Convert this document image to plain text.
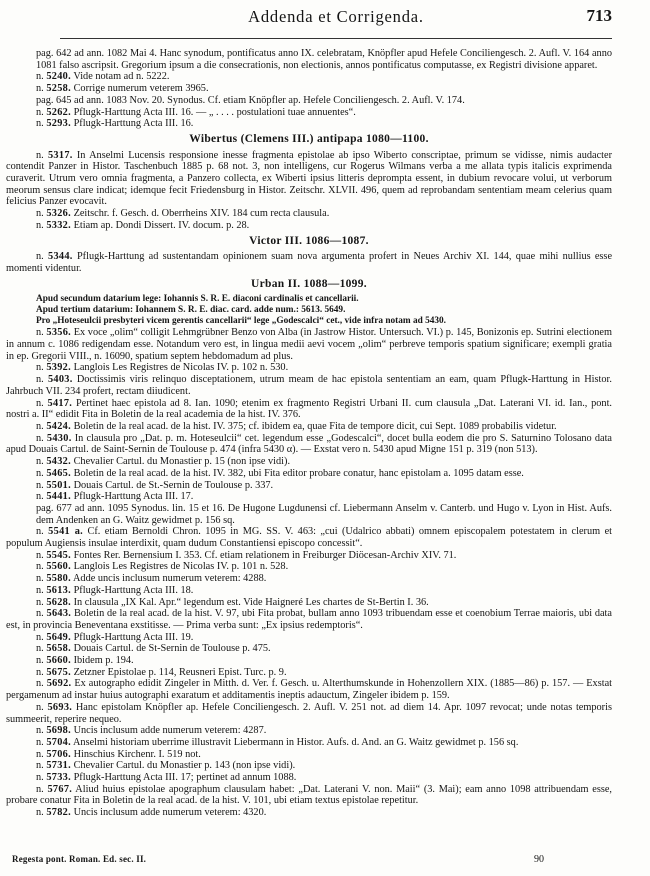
Addenda et Corrigenda.	713
pag. 642 ad ann. 1082 Mai 4. Hanc synodum, pontificatus anno IX. celebratam, Knöpfler apud Hefele Conciliengesch. 2. Aufl. V. 164 anno 1081 falso ascripsit. Gregorium ipsum a die consecrationis, non electionis, annos pontificatus computasse, ex Registri divisione apparet.
n. 5240. Vide notam ad n. 5222.
n. 5258. Corrige numerum veterem 3965.
pag. 645 ad ann. 1083 Nov. 20. Synodus. Cf. etiam Knöpfler ap. Hefele Conciliengesch. 2. Aufl. V. 174.
n. 5262. Pflugk-Harttung Acta III. 16. — „ . . . . postulationi tuae annuentes“.
n. 5293. Pflugk-Harttung Acta III. 16.
Wibertus (Clemens III.) antipapa 1080—1100.
n. 5317. In Anselmi Lucensis responsione inesse fragmenta epistolae ab ipso Wiberto conscriptae, primum se vidisse, nimis audacter contendit Panzer in Histor. Taschenbuch 1885 p. 68 not. 3, non intelligens, cur Rogerus Wilmans verba a me allata typis italicis exprimenda curaverit. Utrum vero omnia fragmenta, a Panzero collecta, ex Wiberti ipsius litteris deprompta essent, in dubium revocare volui, ut verborum meorum sensus clare indicat; idemque fecit Friedensburg in Histor. Zeitschr. XLVII. 496, quem ad reprobandam sententiam meam celerius quam felicius Panzer evocavit.
n. 5326. Zeitschr. f. Gesch. d. Oberrheins XIV. 184 cum recta clausula.
n. 5332. Etiam ap. Dondi Dissert. IV. docum. p. 28.
Victor III. 1086—1087.
n. 5344. Pflugk-Harttung ad sustentandam opinionem suam nova argumenta profert in Neues Archiv XI. 144, quae mihi nullius esse momenti videntur.
Urban II. 1088—1099.
Apud secundum datarium lege: Iohannis S. R. E. diaconi cardinalis et cancellarii.
Apud tertium datarium: Iohannem S. R. E. diac. card. adde num.: 5613. 5649.
Pro „Hoteseulcii presbyteri vicem gerentis cancellarii“ lege „Godescalci“ cet., vide infra notam ad 5430.
n. 5356. Ex voce „olim“ colligit Lehmgrübner Benzo von Alba (in Jastrow Histor. Untersuch. VI.) p. 145, Bonizonis ep. Sutrini electionem in annum c. 1086 redigendam esse. Notandum vero est, in lingua medii aevi vocem „olim“ perbreve temporis spatium significare; exempli gratia in ep. Gregorii VIII., n. 16090, spatium septem hebdomadum ad plus.
n. 5392. Langlois Les Registres de Nicolas IV. p. 102 n. 530.
n. 5403. Doctissimis viris relinquo disceptationem, utrum meam de hac epistola sententiam an eam, quam Pflugk-Harttung in Histor. Jahrbuch VII. 234 profert, rectam diiudicent.
n. 5417. Pertinet haec epistola ad 8. Ian. 1090; etenim ex fragmento Registri Urbani II. cum clausula „Dat. Laterani VI. id. Ian., pont. nostri a. II“ edidit Fita in Boletin de la real academia de la hist. IV. 376.
n. 5424. Boletin de la real acad. de la hist. IV. 375; cf. ibidem ea, quae Fita de tempore dicit, cui Sept. 1089 probabilis videtur.
n. 5430. In clausula pro „Dat. p. m. Hoteseulcii“ cet. legendum esse „Godescalci“, docet bulla eodem die pro S. Saturnino Tolosano data apud Douais Cartul. de Saint-Sernin de Toulouse p. 474 (infra 5430 α). — Exstat vero n. 5430 apud Migne 151 p. 319 (non 513).
n. 5432. Chevalier Cartul. du Monastier p. 15 (non ipse vidi).
n. 5465. Boletin de la real acad. de la hist. IV. 382, ubi Fita editor probare conatur, hanc epistolam a. 1095 datam esse.
n. 5501. Douais Cartul. de St.-Sernin de Toulouse p. 337.
n. 5441. Pflugk-Harttung Acta III. 17.
pag. 677 ad ann. 1095 Synodus. lin. 15 et 16. De Hugone Lugdunensi cf. Liebermann Anselm v. Canterb. und Hugo v. Lyon in Hist. Aufs. dem Andenken an G. Waitz gewidmet p. 156 sq.
n. 5541 a. Cf. etiam Bernoldi Chron. 1095 in MG. SS. V. 463: „cui (Udalrico abbati) omnem episcopalem potestatem in clerum et populum Augiensis insulae interdixit, quam dudum Constantiensi episcopo concessit“.
n. 5545. Fontes Rer. Bernensium I. 353. Cf. etiam relationem in Freiburger Diöcesan-Archiv XIV. 71.
n. 5560. Langlois Les Registres de Nicolas IV. p. 101 n. 528.
n. 5580. Adde uncis inclusum numerum veterem: 4288.
n. 5613. Pflugk-Harttung Acta III. 18.
n. 5628. In clausula „IX Kal. Apr.“ legendum est. Vide Haigneré Les chartes de St-Bertin I. 36.
n. 5643. Boletin de la real acad. de la hist. V. 97, ubi Fita probat, bullam anno 1093 tribuendam esse et coenobium Terrae maioris, ubi data est, in provincia Beneventana exstitisse. — Prima verba sunt: „Ex ipsius redemptoris“.
n. 5649. Pflugk-Harttung Acta III. 19.
n. 5658. Douais Cartul. de St-Sernin de Toulouse p. 475.
n. 5660. Ibidem p. 194.
n. 5675. Zetzner Epistolae p. 114, Reusneri Epist. Turc. p. 9.
n. 5692. Ex autographo edidit Zingeler in Mitth. d. Ver. f. Gesch. u. Alterthumskunde in Hohenzollern XIX. (1885—86) p. 157. — Exstat pergamenum ad instar huius autographi exaratum et additamentis ineptis adauctum, Zingeler ibidem p. 159.
n. 5693. Hanc epistolam Knöpfler ap. Hefele Conciliengesch. 2. Aufl. V. 251 not. ad diem 14. Apr. 1097 revocat; unde notas temporis summeerit, reperire nequeo.
n. 5698. Uncis inclusum adde numerum veterem: 4287.
n. 5704. Anselmi historiam uberrime illustravit Liebermann in Histor. Aufs. d. And. an G. Waitz gewidmet p. 156 sq.
n. 5706. Hinschius Kirchenr. I. 519 not.
n. 5731. Chevalier Cartul. du Monastier p. 143 (non ipse vidi).
n. 5733. Pflugk-Harttung Acta III. 17; pertinet ad annum 1088.
n. 5767. Aliud huius epistolae apographum clausulam habet: „Dat. Laterani V. non. Maii“ (3. Mai); eam anno 1098 attribuendam esse, probare conatur Fita in Boletin de la real acad. de la hist. V. 101, ubi etiam textus epistolae repetitur.
n. 5782. Uncis inclusum adde numerum veterem: 4320.
Regesta pont. Roman. Ed. sec. II.	90
